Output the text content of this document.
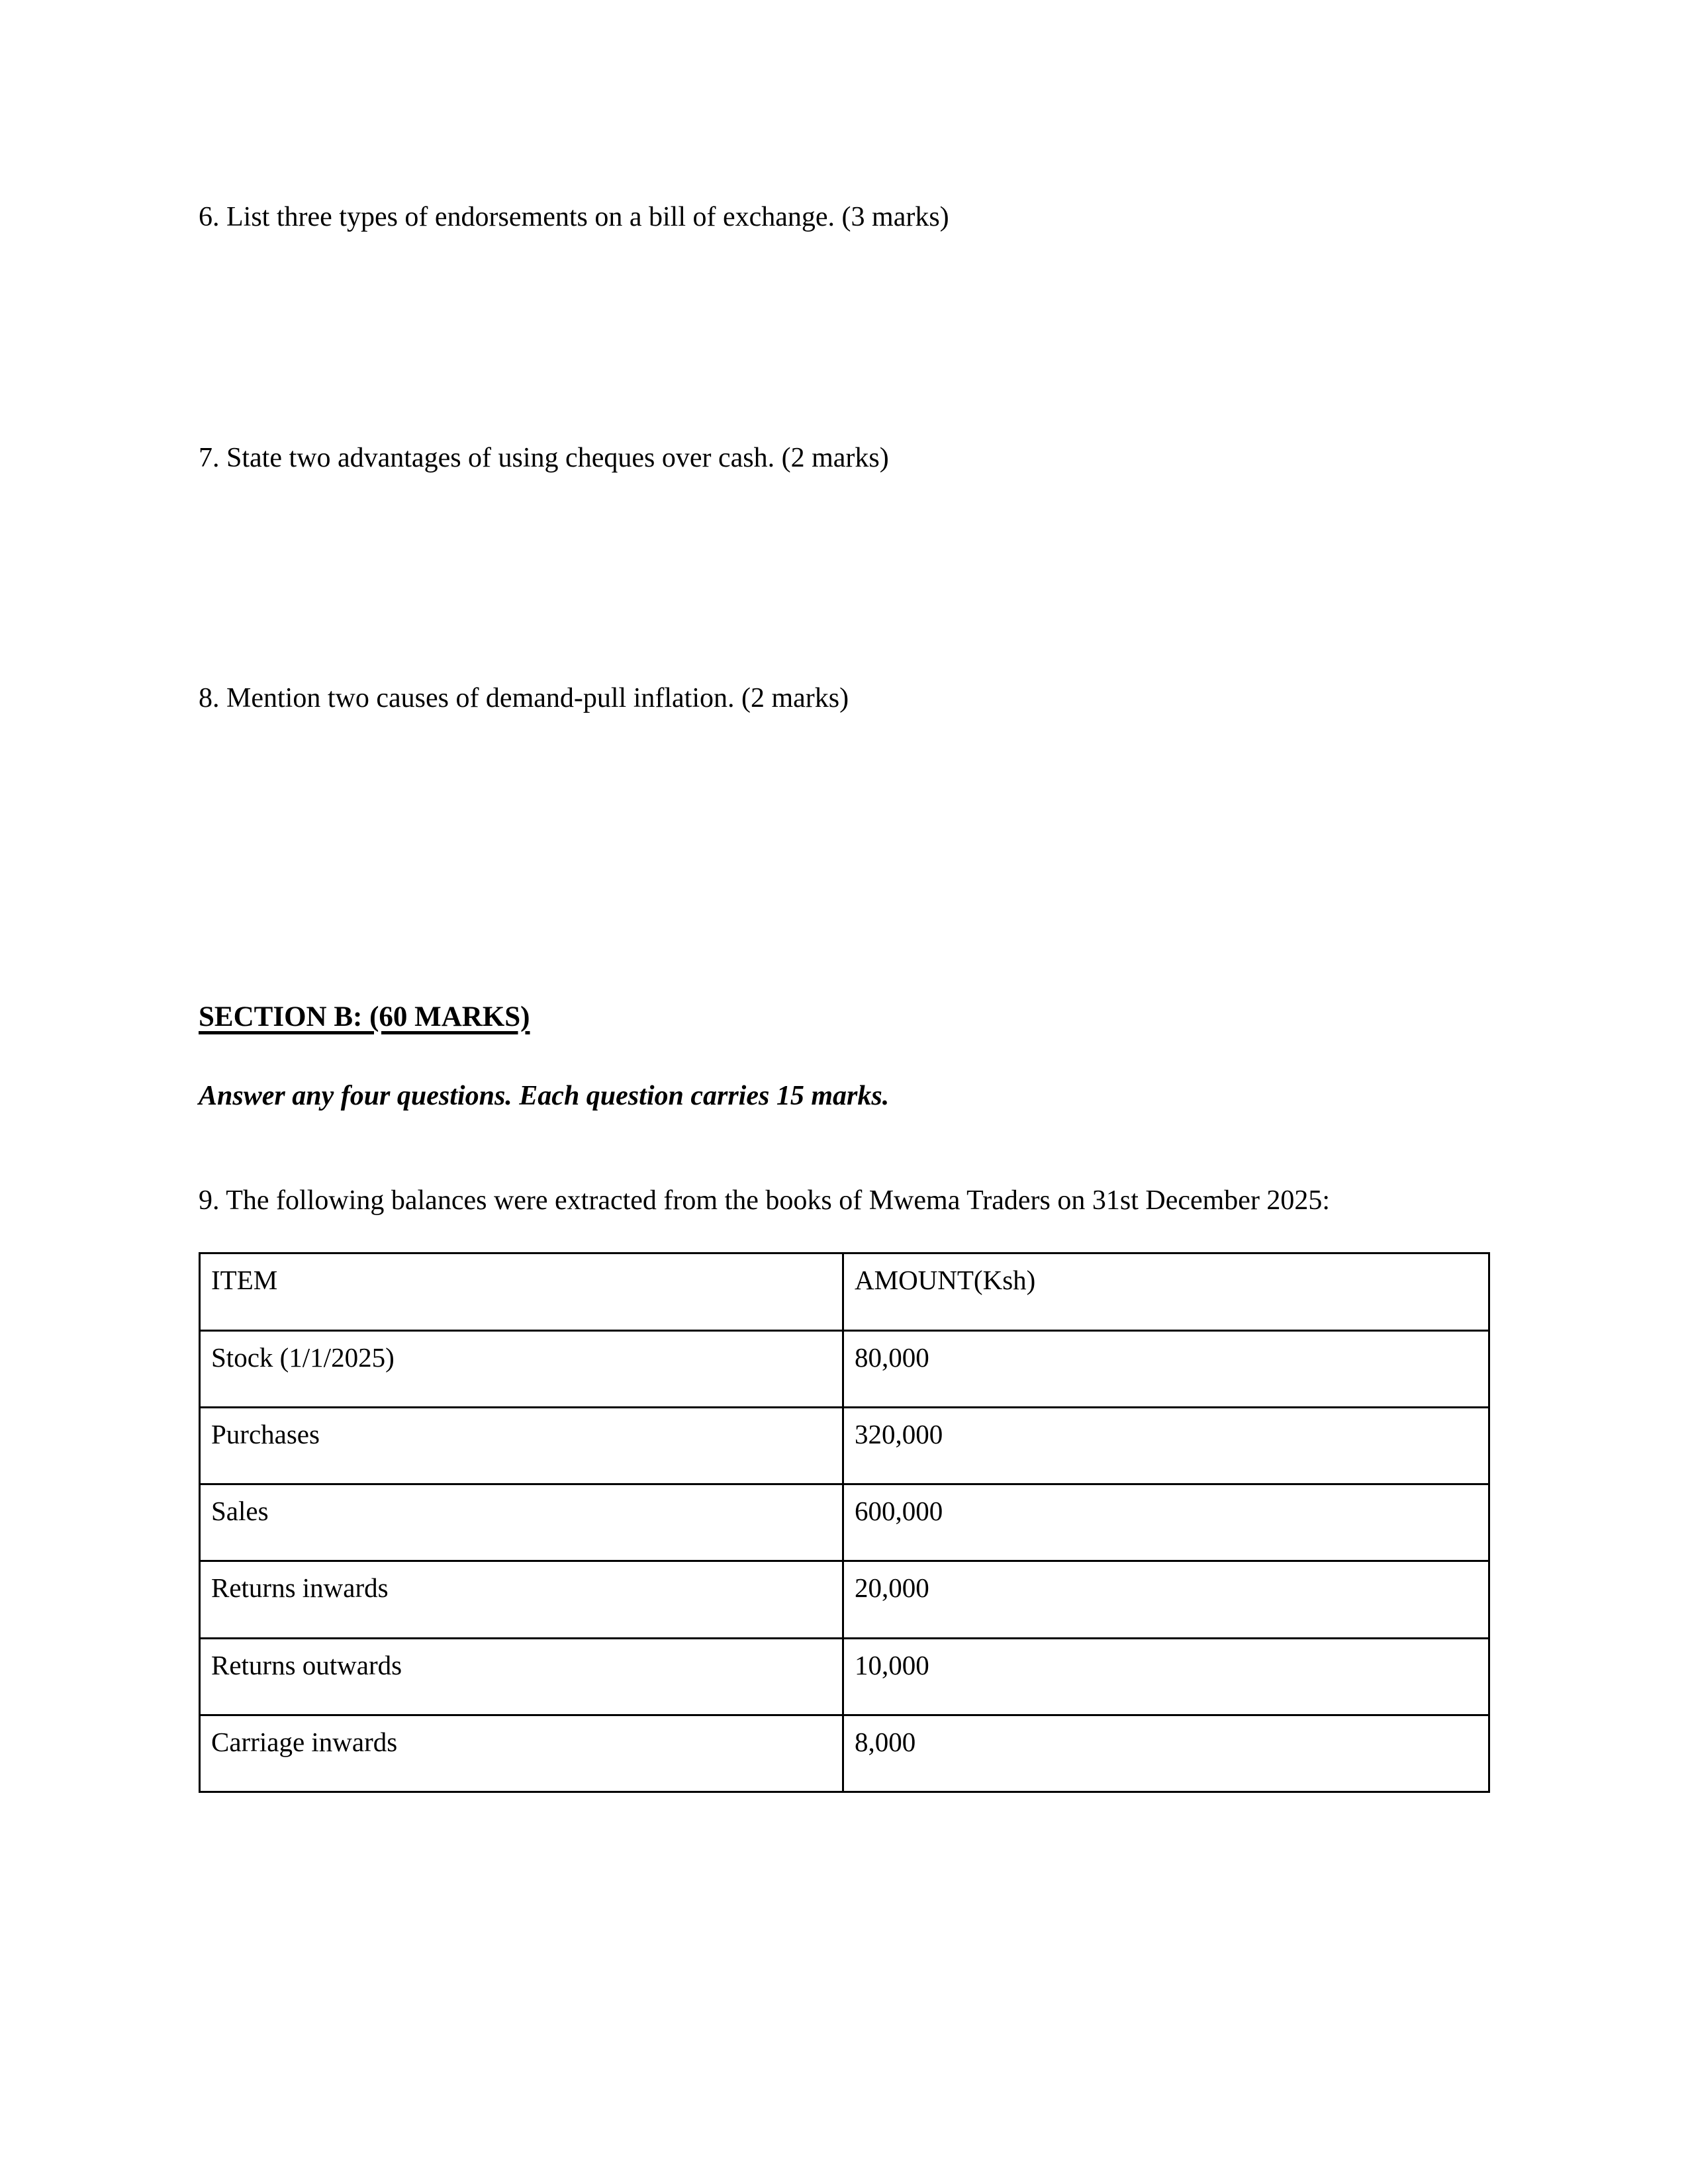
6. List three types of endorsements on a bill of exchange. (3 marks)

7. State two advantages of using cheques over cash. (2 marks)

8. Mention two causes of demand-pull inflation. (2 marks)

SECTION B: (60 MARKS)

Answer any four questions. Each question carries 15 marks.

9. The following balances were extracted from the books of Mwema Traders on 31st December 2025:

ITEM	AMOUNT(Ksh)
Stock (1/1/2025)	80,000
Purchases	320,000
Sales	600,000
Returns inwards	20,000
Returns outwards	10,000
Carriage inwards	8,000
